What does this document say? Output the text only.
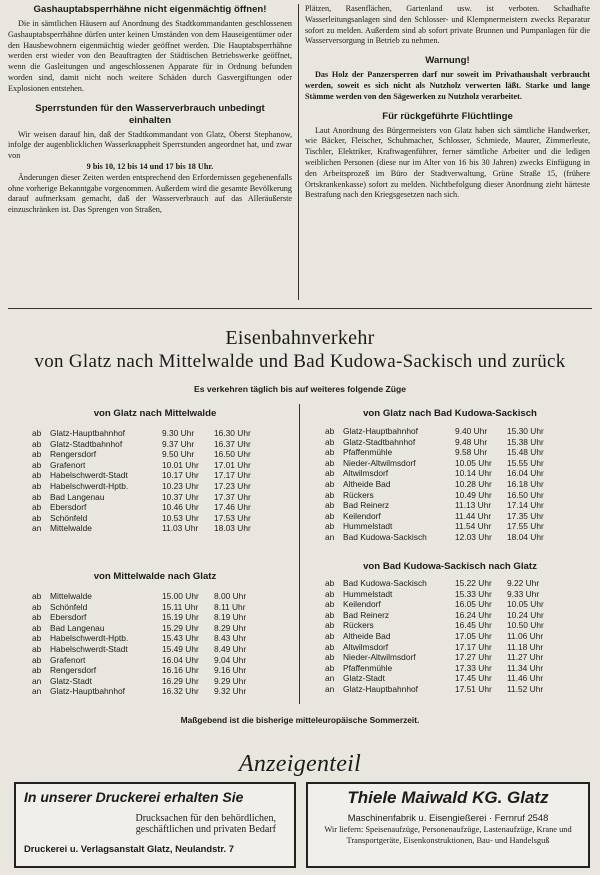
Gashauptabsperrhähne nicht eigenmächtig öffnen!

Die in sämtlichen Häusern auf Anordnung des Stadtkommandanten geschlossenen Gashauptabsperrhähne dürfen unter keinen Umständen von dem Hauseigentümer oder den Hausbewohnern eigenmächtig wieder geöffnet werden. Die Hauptabsperrhähne werden erst wieder von den Beauftragten der Städtischen Betriebswerke geöffnet, wenn die Gasleitungen und angeschlossenen Apparate für in Ordnung befunden worden sind, damit nicht noch weitere Schäden durch Gasvergiftungen oder Explosionen entstehen.

Sperrstunden für den Wasserverbrauch unbedingt einhalten

Wir weisen darauf hin, daß der Stadtkommandant von Glatz, Oberst Stephanow, infolge der augenblicklichen Wasserknappheit Sperrstunden angeordnet hat, und zwar von

9 bis 10, 12 bis 14 und 17 bis 18 Uhr.

Änderungen dieser Zeiten werden entsprechend den Erfordernissen gegebenenfalls ohne vorherige Bekanntgabe vorgenommen. Außerdem wird die gesamte Bevölkerung darauf aufmerksam gemacht, daß der Wasserverbrauch auf das Alleräußerste einzuschränken ist. Das Sprengen von Straßen,

Plätzen, Rasenflächen, Gartenland usw. ist verboten. Schadhafte Wasserleitungsanlagen sind den Schlosser- und Klempnermeistern zwecks Reparatur sofort zu melden. Außerdem sind ab sofort private Brunnen und Pumpanlagen für die Wasserversorgung in Betrieb zu nehmen.

Warnung!

Das Holz der Panzersperren darf nur soweit im Privathaushalt verbraucht werden, soweit es sich nicht als Nutzholz verwerten läßt. Starke und lange Stämme werden von den Sägewerken zu Nutzholz verarbeitet.

Für rückgeführte Flüchtlinge

Laut Anordnung des Bürgermeisters von Glatz haben sich sämtliche Handwerker, wie Bäcker, Fleischer, Schuhmacher, Schlosser, Schmiede, Maurer, Zimmerleute, Tischler, Elektriker, Kraftwagenführer, ferner sämtliche Arbeiter und die ledigen weiblichen Personen (diese nur im Alter von 16 bis 30 Jahren) zwecks Einfügung in den Arbeitsprozeß im Büro der Stadtverwaltung, Grüne Straße 15, (frühere Ortskrankenkasse) sofort zu melden. Nichtbefolgung dieser Anordnung zieht härteste Bestrafung nach den Kriegsgesetzen nach sich.

Eisenbahnverkehr
von Glatz nach Mittelwalde und Bad Kudowa-Sackisch und zurück
Es verkehren täglich bis auf weiteres folgende Züge
von Glatz nach Mittelwalde
ab	Glatz-Hauptbahnhof	9.30 Uhr	16.30 Uhr
ab	Glatz-Stadtbahnhof	9.37 Uhr	16.37 Uhr
ab	Rengersdorf	9.50 Uhr	16.50 Uhr
ab	Grafenort	10.01 Uhr	17.01 Uhr
ab	Habelschwerdt-Stadt	10.17 Uhr	17.17 Uhr
ab	Habelschwerdt-Hptb.	10.23 Uhr	17.23 Uhr
ab	Bad Langenau	10.37 Uhr	17.37 Uhr
ab	Ebersdorf	10.46 Uhr	17.46 Uhr
ab	Schönfeld	10.53 Uhr	17.53 Uhr
an	Mittelwalde	11.03 Uhr	18.03 Uhr
von Glatz nach Bad Kudowa-Sackisch
ab	Glatz-Hauptbahnhof	9.40 Uhr	15.30 Uhr
ab	Glatz-Stadtbahnhof	9.48 Uhr	15.38 Uhr
ab	Pfaffenmühle	9.58 Uhr	15.48 Uhr
ab	Nieder-Altwilmsdorf	10.05 Uhr	15.55 Uhr
ab	Altwilmsdorf	10.14 Uhr	16.04 Uhr
ab	Altheide Bad	10.28 Uhr	16.18 Uhr
ab	Rückers	10.49 Uhr	16.50 Uhr
ab	Bad Reinerz	11.13 Uhr	17.14 Uhr
ab	Keilendorf	11.44 Uhr	17.35 Uhr
ab	Hummelstadt	11.54 Uhr	17.55 Uhr
an	Bad Kudowa-Sackisch	12.03 Uhr	18.04 Uhr
von Mittelwalde nach Glatz
ab	Mittelwalde	15.00 Uhr	8.00 Uhr
ab	Schönfeld	15.11 Uhr	8.11 Uhr
ab	Ebersdorf	15.19 Uhr	8.19 Uhr
ab	Bad Langenau	15.29 Uhr	8.29 Uhr
ab	Habelschwerdt-Hptb.	15.43 Uhr	8.43 Uhr
ab	Habelschwerdt-Stadt	15.49 Uhr	8.49 Uhr
ab	Grafenort	16.04 Uhr	9.04 Uhr
ab	Rengersdorf	16.16 Uhr	9.16 Uhr
an	Glatz-Stadt	16.29 Uhr	9.29 Uhr
an	Glatz-Hauptbahnhof	16.32 Uhr	9.32 Uhr
von Bad Kudowa-Sackisch nach Glatz
ab	Bad Kudowa-Sackisch	15.22 Uhr	9.22 Uhr
ab	Hummelstadt	15.33 Uhr	9.33 Uhr
ab	Keilendorf	16.05 Uhr	10.05 Uhr
ab	Bad Reinerz	16.24 Uhr	10.24 Uhr
ab	Rückers	16.45 Uhr	10.50 Uhr
ab	Altheide Bad	17.05 Uhr	11.06 Uhr
ab	Altwilmsdorf	17.17 Uhr	11.18 Uhr
ab	Nieder-Altwilmsdorf	17.27 Uhr	11.27 Uhr
ab	Pfaffenmühle	17.33 Uhr	11.34 Uhr
an	Glatz-Stadt	17.45 Uhr	11.46 Uhr
an	Glatz-Hauptbahnhof	17.51 Uhr	11.52 Uhr
Maßgebend ist die bisherige mitteleuropäische Sommerzeit.
Anzeigenteil
In unserer Druckerei erhalten Sie
Drucksachen für den behördlichen,
geschäftlichen und privaten Bedarf
Druckerei u. Verlagsanstalt Glatz, Neulandstr. 7
Thiele Maiwald KG. Glatz
Maschinenfabrik u. Eisengießerei · Fernruf 2548
Wir liefern: Speisenaufzüge, Personenaufzüge, Lastenaufzüge, Krane und Transportgeräte, Eisenkonstruktionen, Bau- und Handelsguß
